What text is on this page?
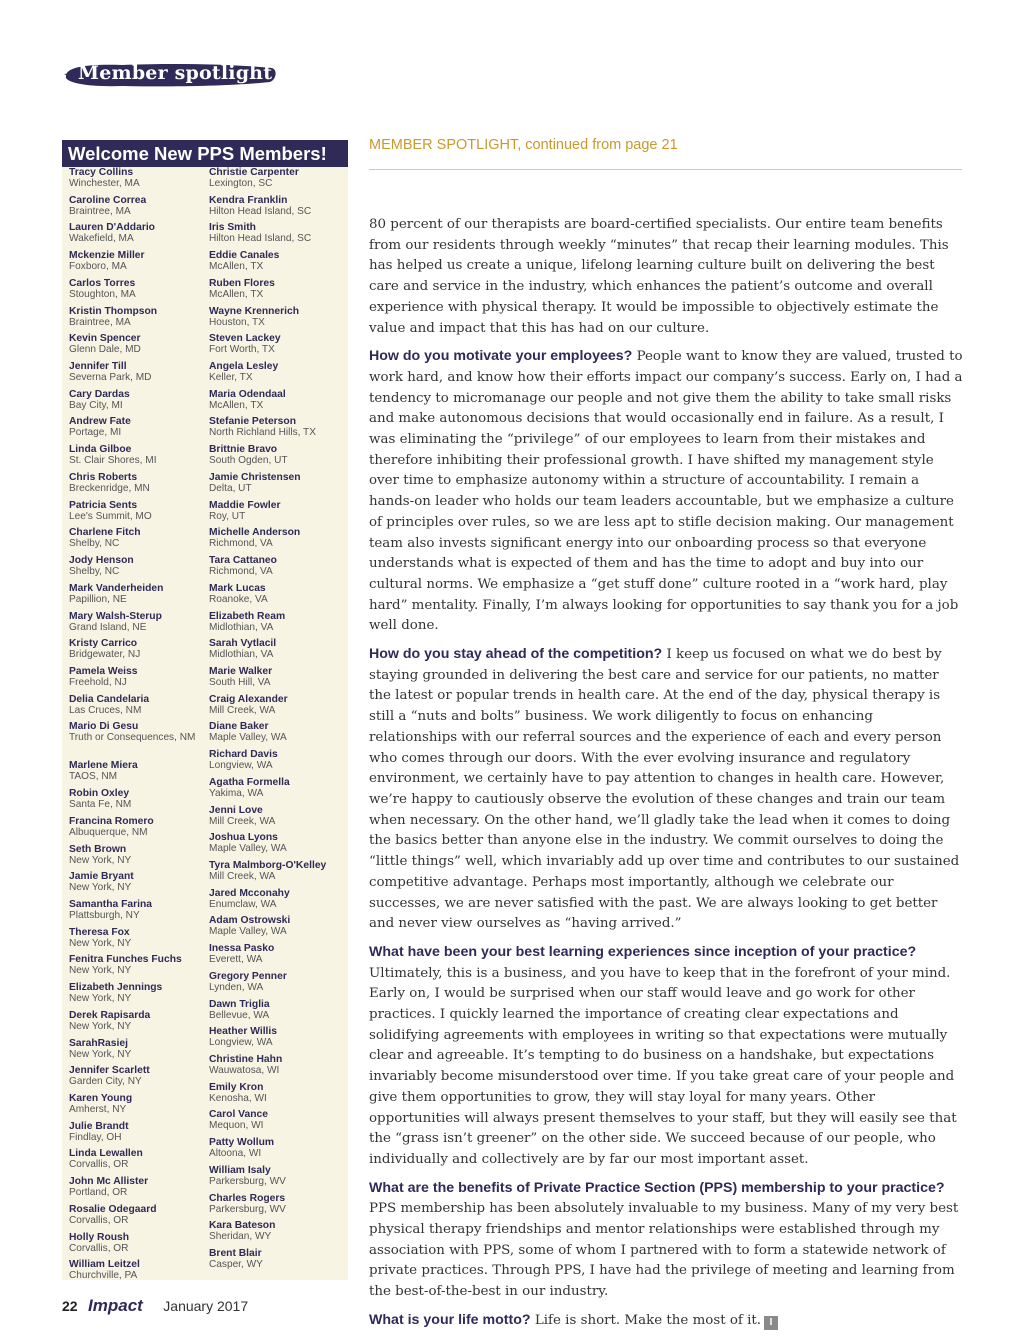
Member spotlight
Welcome New PPS Members!
Tracy Collins
Winchester, MA
Caroline Correa
Braintree, MA
Lauren D'Addario
Wakefield, MA
Mckenzie Miller
Foxboro, MA
Carlos Torres
Stoughton, MA
Kristin Thompson
Braintree, MA
Kevin Spencer
Glenn Dale, MD
Jennifer Till
Severna Park, MD
Cary Dardas
Bay City, MI
Andrew Fate
Portage, MI
Linda Gilboe
St. Clair Shores, MI
Chris Roberts
Breckenridge, MN
Patricia Sents
Lee's Summit, MO
Charlene Fitch
Shelby, NC
Jody Henson
Shelby, NC
Mark Vanderheiden
Papillion, NE
Mary Walsh-Sterup
Grand Island, NE
Kristy Carrico
Bridgewater, NJ
Pamela Weiss
Freehold, NJ
Delia Candelaria
Las Cruces, NM
Mario Di Gesu
Truth or Consequences, NM
Marlene Miera
TAOS, NM
Robin Oxley
Santa Fe, NM
Francina Romero
Albuquerque, NM
Seth Brown
New York, NY
Jamie Bryant
New York, NY
Samantha Farina
Plattsburgh, NY
Theresa Fox
New York, NY
Fenitra Funches Fuchs
New York, NY
Elizabeth Jennings
New York, NY
Derek Rapisarda
New York, NY
SarahRasiej
New York, NY
Jennifer Scarlett
Garden City, NY
Karen Young
Amherst, NY
Julie Brandt
Findlay, OH
Linda Lewallen
Corvallis, OR
John Mc Allister
Portland, OR
Rosalie Odegaard
Corvallis, OR
Holly Roush
Corvallis, OR
William Leitzel
Churchville, PA
Christie Carpenter
Lexington, SC
Kendra Franklin
Hilton Head Island, SC
Iris Smith
Hilton Head Island, SC
Eddie Canales
McAllen, TX
Ruben Flores
McAllen, TX
Wayne Krennerich
Houston, TX
Steven Lackey
Fort Worth, TX
Angela Lesley
Keller, TX
Maria Odendaal
McAllen, TX
Stefanie Peterson
North Richland Hills, TX
Brittnie Bravo
South Ogden, UT
Jamie Christensen
Delta, UT
Maddie Fowler
Roy, UT
Michelle Anderson
Richmond, VA
Tara Cattaneo
Richmond, VA
Mark Lucas
Roanoke, VA
Elizabeth Ream
Midlothian, VA
Sarah Vytlacil
Midlothian, VA
Marie Walker
South Hill, VA
Craig Alexander
Mill Creek, WA
Diane Baker
Maple Valley, WA
Richard Davis
Longview, WA
Agatha Formella
Yakima, WA
Jenni Love
Mill Creek, WA
Joshua Lyons
Maple Valley, WA
Tyra Malmborg-O'Kelley
Mill Creek, WA
Jared Mcconahy
Enumclaw, WA
Adam Ostrowski
Maple Valley, WA
Inessa Pasko
Everett, WA
Gregory Penner
Lynden, WA
Dawn Triglia
Bellevue, WA
Heather Willis
Longview, WA
Christine Hahn
Wauwatosa, WI
Emily Kron
Kenosha, WI
Carol Vance
Mequon, WI
Patty Wollum
Altoona, WI
William Isaly
Parkersburg, WV
Charles Rogers
Parkersburg, WV
Kara Bateson
Sheridan, WY
Brent Blair
Casper, WY
MEMBER SPOTLIGHT, continued from page 21

80 percent of our therapists are board-certified specialists. Our entire team benefits from our residents through weekly “minutes” that recap their learning modules. This has helped us create a unique, lifelong learning culture built on delivering the best care and service in the industry, which enhances the patient’s outcome and overall experience with physical therapy. It would be impossible to objectively estimate the value and impact that this has had on our culture.

How do you motivate your employees? People want to know they are valued, trusted to work hard, and know how their efforts impact our company’s success. Early on, I had a tendency to micromanage our people and not give them the ability to take small risks and make autonomous decisions that would occasionally end in failure. As a result, I was eliminating the “privilege” of our employees to learn from their mistakes and therefore inhibiting their professional growth. I have shifted my management style over time to emphasize autonomy within a structure of accountability. I remain a hands-on leader who holds our team leaders accountable, but we emphasize a culture of principles over rules, so we are less apt to stifle decision making. Our management team also invests significant energy into our onboarding process so that everyone understands what is expected of them and has the time to adopt and buy into our cultural norms. We emphasize a “get stuff done” culture rooted in a “work hard, play hard” mentality. Finally, I’m always looking for opportunities to say thank you for a job well done.

How do you stay ahead of the competition? I keep us focused on what we do best by staying grounded in delivering the best care and service for our patients, no matter the latest or popular trends in health care. At the end of the day, physical therapy is still a “nuts and bolts” business. We work diligently to focus on enhancing relationships with our referral sources and the experience of each and every person who comes through our doors. With the ever evolving insurance and regulatory environment, we certainly have to pay attention to changes in health care. However, we’re happy to cautiously observe the evolution of these changes and train our team when necessary. On the other hand, we’ll gladly take the lead when it comes to doing the basics better than anyone else in the industry. We commit ourselves to doing the “little things” well, which invariably add up over time and contributes to our sustained competitive advantage. Perhaps most importantly, although we celebrate our successes, we are never satisfied with the past. We are always looking to get better and never view ourselves as “having arrived.”

What have been your best learning experiences since inception of your practice? Ultimately, this is a business, and you have to keep that in the forefront of your mind. Early on, I would be surprised when our staff would leave and go work for other practices. I quickly learned the importance of creating clear expectations and solidifying agreements with employees in writing so that expectations were mutually clear and agreeable. It’s tempting to do business on a handshake, but expectations invariably become misunderstood over time. If you take great care of your people and give them opportunities to grow, they will stay loyal for many years. Other opportunities will always present themselves to your staff, but they will easily see that the “grass isn’t greener” on the other side. We succeed because of our people, who individually and collectively are by far our most important asset.

What are the benefits of Private Practice Section (PPS) membership to your practice? PPS membership has been absolutely invaluable to my business. Many of my very best physical therapy friendships and mentor relationships were established through my association with PPS, some of whom I partnered with to form a statewide network of private practices. Through PPS, I have had the privilege of meeting and learning from the best-of-the-best in our industry.

What is your life motto? Life is short. Make the most of it. I

22 Impact January 2017
